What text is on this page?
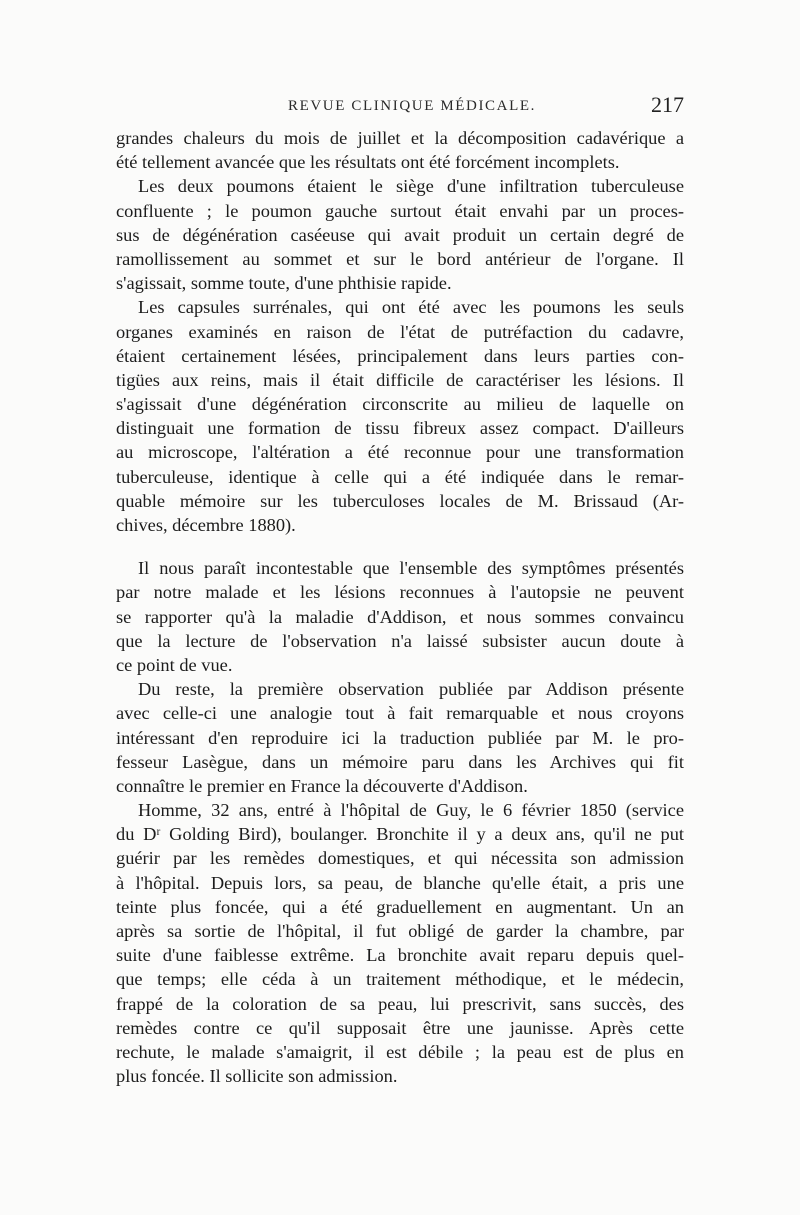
REVUE CLINIQUE MÉDICALE.	217
grandes chaleurs du mois de juillet et la décomposition cadavérique a
été tellement avancée que les résultats ont été forcément incomplets.
Les deux poumons étaient le siège d'une infiltration tuberculeuse
confluente ; le poumon gauche surtout était envahi par un proces-
sus de dégénération caséeuse qui avait produit un certain degré de
ramollissement au sommet et sur le bord antérieur de l'organe. Il
s'agissait, somme toute, d'une phthisie rapide.
Les capsules surrénales, qui ont été avec les poumons les seuls
organes examinés en raison de l'état de putréfaction du cadavre,
étaient certainement lésées, principalement dans leurs parties con-
tigües aux reins, mais il était difficile de caractériser les lésions. Il
s'agissait d'une dégénération circonscrite au milieu de laquelle on
distinguait une formation de tissu fibreux assez compact. D'ailleurs
au microscope, l'altération a été reconnue pour une transformation
tuberculeuse, identique à celle qui a été indiquée dans le remar-
quable mémoire sur les tuberculoses locales de M. Brissaud (Ar-
chives, décembre 1880).
Il nous paraît incontestable que l'ensemble des symptômes présentés
par notre malade et les lésions reconnues à l'autopsie ne peuvent
se rapporter qu'à la maladie d'Addison, et nous sommes convaincu
que la lecture de l'observation n'a laissé subsister aucun doute à
ce point de vue.
Du reste, la première observation publiée par Addison présente
avec celle-ci une analogie tout à fait remarquable et nous croyons
intéressant d'en reproduire ici la traduction publiée par M. le pro-
fesseur Lasègue, dans un mémoire paru dans les Archives qui fit
connaître le premier en France la découverte d'Addison.
Homme, 32 ans, entré à l'hôpital de Guy, le 6 février 1850 (service
du Dʳ Golding Bird), boulanger. Bronchite il y a deux ans, qu'il ne put
guérir par les remèdes domestiques, et qui nécessita son admission
à l'hôpital. Depuis lors, sa peau, de blanche qu'elle était, a pris une
teinte plus foncée, qui a été graduellement en augmentant. Un an
après sa sortie de l'hôpital, il fut obligé de garder la chambre, par
suite d'une faiblesse extrême. La bronchite avait reparu depuis quel-
que temps; elle céda à un traitement méthodique, et le médecin,
frappé de la coloration de sa peau, lui prescrivit, sans succès, des
remèdes contre ce qu'il supposait être une jaunisse. Après cette
rechute, le malade s'amaigrit, il est débile ; la peau est de plus en
plus foncée. Il sollicite son admission.
